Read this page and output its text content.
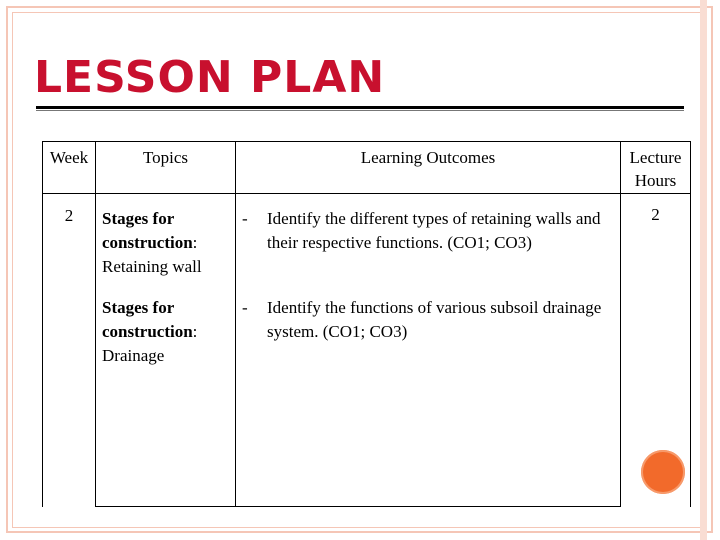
LESSON PLAN
Week	Topics	Learning Outcomes	Lecture
Hours

2	Stages for construction: Retaining wall	- Identify the different types of retaining walls and their respective functions. (CO1; CO3)	2
	Stages for construction: Drainage	- Identify the functions of various subsoil drainage system. (CO1; CO3)	
